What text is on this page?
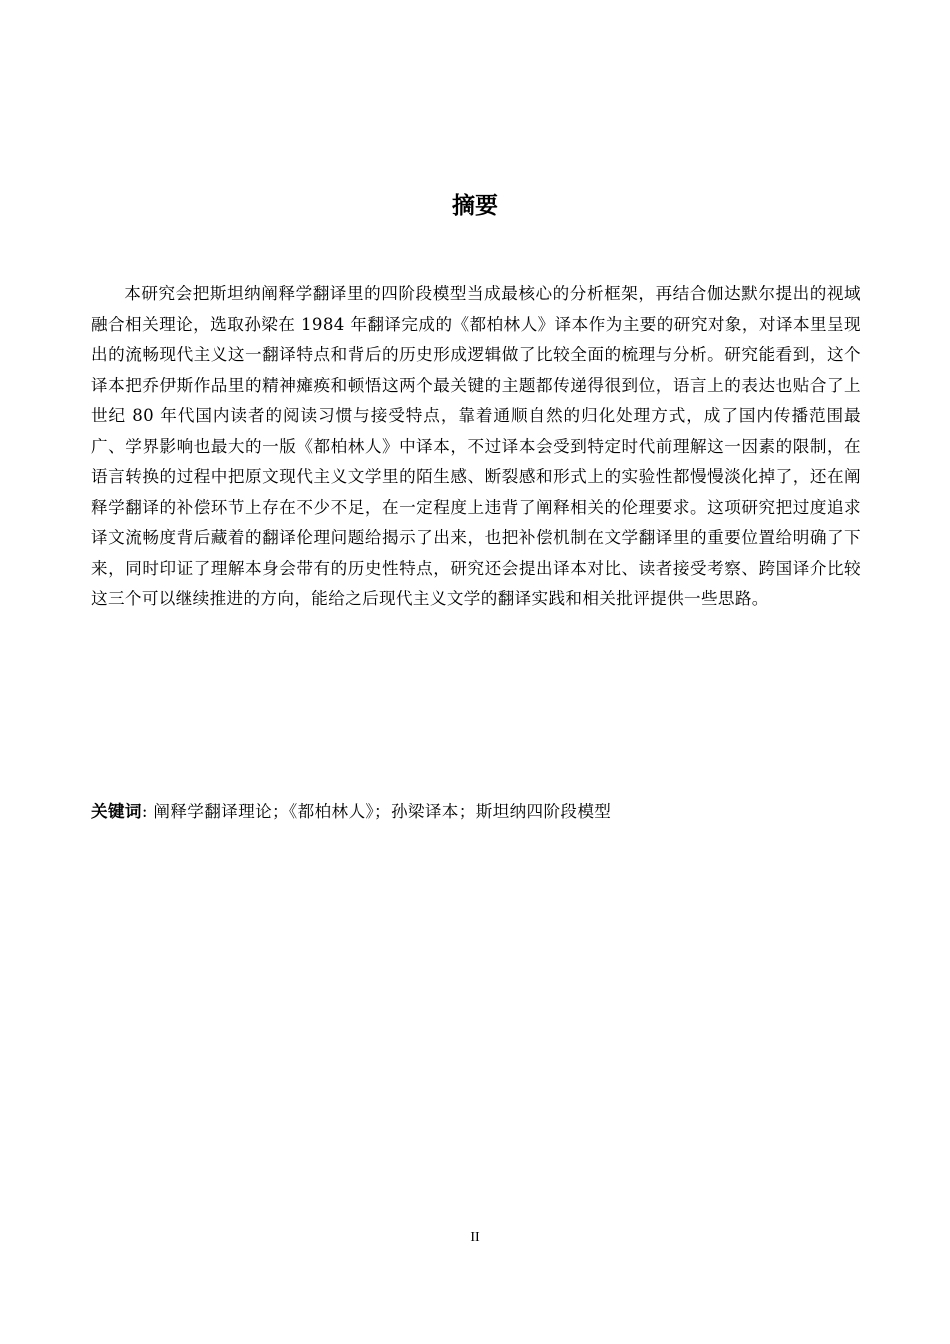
摘要

本研究会把斯坦纳阐释学翻译里的四阶段模型当成最核心的分析框架，再结合伽达默尔提出的视域融合相关理论，选取孙梁在 1984 年翻译完成的《都柏林人》译本作为主要的研究对象，对译本里呈现出的流畅现代主义这一翻译特点和背后的历史形成逻辑做了比较全面的梳理与分析。研究能看到，这个译本把乔伊斯作品里的精神瘫痪和顿悟这两个最关键的主题都传递得很到位，语言上的表达也贴合了上世纪 80 年代国内读者的阅读习惯与接受特点，靠着通顺自然的归化处理方式，成了国内传播范围最广、学界影响也最大的一版《都柏林人》中译本，不过译本会受到特定时代前理解这一因素的限制，在语言转换的过程中把原文现代主义文学里的陌生感、断裂感和形式上的实验性都慢慢淡化掉了，还在阐释学翻译的补偿环节上存在不少不足，在一定程度上违背了阐释相关的伦理要求。这项研究把过度追求译文流畅度背后藏着的翻译伦理问题给揭示了出来，也把补偿机制在文学翻译里的重要位置给明确了下来，同时印证了理解本身会带有的历史性特点，研究还会提出译本对比、读者接受考察、跨国译介比较这三个可以继续推进的方向，能给之后现代主义文学的翻译实践和相关批评提供一些思路。

关键词: 阐释学翻译理论；《都柏林人》；孙梁译本；斯坦纳四阶段模型

II
